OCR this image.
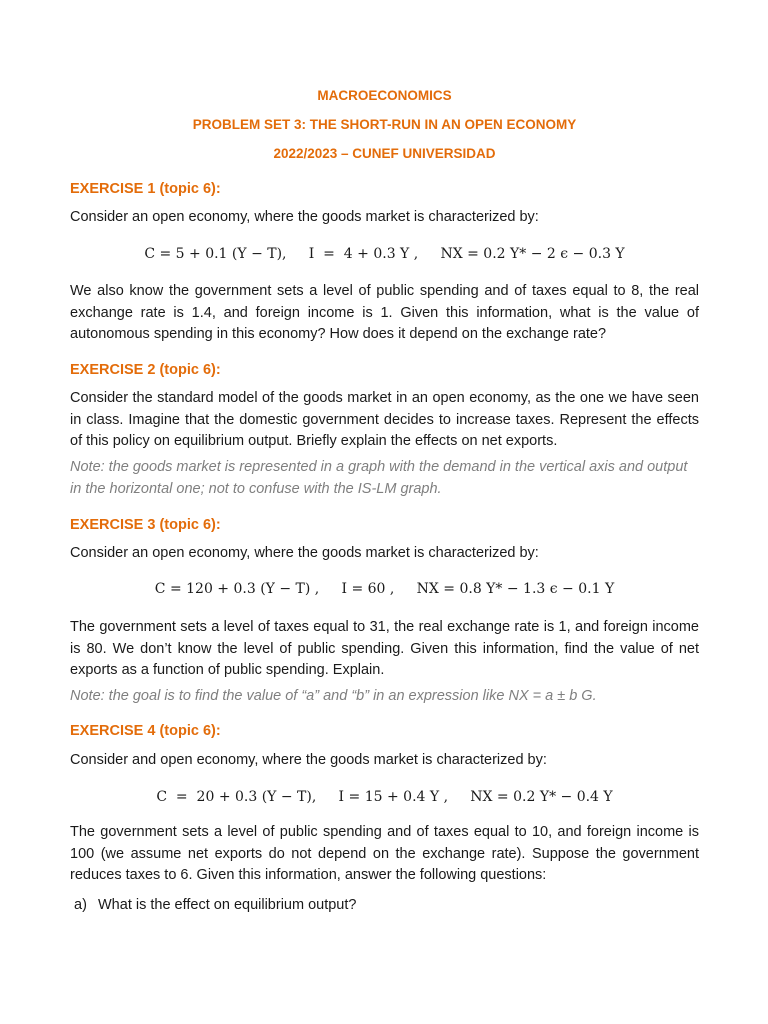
MACROECONOMICS
PROBLEM SET 3: THE SHORT-RUN IN AN OPEN ECONOMY
2022/2023 – CUNEF UNIVERSIDAD
EXERCISE 1 (topic 6):

Consider an open economy, where the goods market is characterized by:

C = 5 + 0.1 (Y − T),     I  =  4 + 0.3 Y ,     NX = 0.2 Y* − 2 ϵ − 0.3 Y

We also know the government sets a level of public spending and of taxes equal to 8, the real exchange rate is 1.4, and foreign income is 1. Given this information, what is the value of autonomous spending in this economy? How does it depend on the exchange rate?

EXERCISE 2 (topic 6):

Consider the standard model of the goods market in an open economy, as the one we have seen in class. Imagine that the domestic government decides to increase taxes. Represent the effects of this policy on equilibrium output. Briefly explain the effects on net exports.

Note: the goods market is represented in a graph with the demand in the vertical axis and output in the horizontal one; not to confuse with the IS-LM graph.

EXERCISE 3 (topic 6):

Consider an open economy, where the goods market is characterized by:

C = 120 + 0.3 (Y − T) ,     I = 60 ,     NX = 0.8 Y* − 1.3 ϵ − 0.1 Y

The government sets a level of taxes equal to 31, the real exchange rate is 1, and foreign income is 80. We don’t know the level of public spending. Given this information, find the value of net exports as a function of public spending. Explain.

Note: the goal is to find the value of “a” and “b” in an expression like NX = a ± b G.

EXERCISE 4 (topic 6):

Consider and open economy, where the goods market is characterized by:

C  =  20 + 0.3 (Y − T),     I = 15 + 0.4 Y ,     NX = 0.2 Y* − 0.4 Y

The government sets a level of public spending and of taxes equal to 10, and foreign income is 100 (we assume net exports do not depend on the exchange rate). Suppose the government reduces taxes to 6. Given this information, answer the following questions:

a) What is the effect on equilibrium output?
